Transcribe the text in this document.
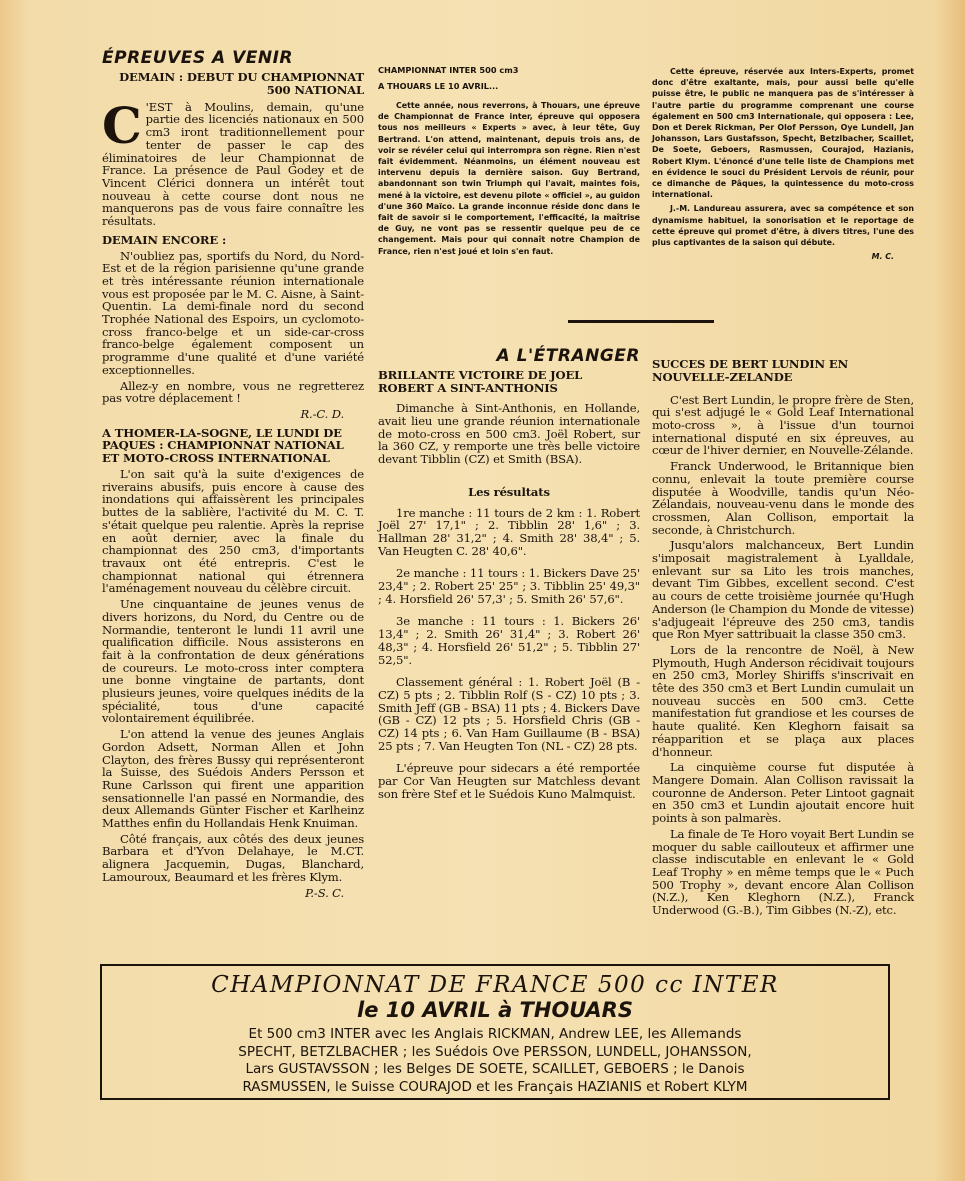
ÉPREUVES A VENIR
DEMAIN : DEBUT DU CHAMPIONNAT 500 NATIONAL

C 'EST à Moulins, demain, qu'une partie des licenciés nationaux en 500 cm3 iront traditionnellement pour tenter de passer le cap des éliminatoires de leur Championnat de France. La présence de Paul Godey et de Vincent Clérici donnera un intérêt tout nouveau à cette course dont nous ne manquerons pas de vous faire connaître les résultats.

DEMAIN ENCORE :

N'oubliez pas, sportifs du Nord, du Nord-Est et de la région parisienne qu'une grande et très intéressante réunion internationale vous est proposée par le M. C. Aisne, à Saint-Quentin. La demi-finale nord du second Trophée National des Espoirs, un cyclomoto-cross franco-belge et un side-car-cross franco-belge également composent un programme d'une qualité et d'une variété exceptionnelles.

Allez-y en nombre, vous ne regretterez pas votre déplacement !

R.-C. D.

A THOMER-LA-SOGNE, LE LUNDI DE PAQUES : CHAMPIONNAT NATIONAL ET MOTO-CROSS INTERNATIONAL

L'on sait qu'à la suite d'exigences de riverains abusifs, puis encore à cause des inondations qui affaissèrent les principales buttes de la sablière, l'activité du M. C. T. s'était quelque peu ralentie. Après la reprise en août dernier, avec la finale du championnat des 250 cm3, d'importants travaux ont été entrepris. C'est le championnat national qui étrennera l'aménagement nouveau du célèbre circuit.

Une cinquantaine de jeunes venus de divers horizons, du Nord, du Centre ou de Normandie, tenteront le lundi 11 avril une qualification difficile. Nous assisterons en fait à la confrontation de deux générations de coureurs. Le moto-cross inter comptera une bonne vingtaine de partants, dont plusieurs jeunes, voire quelques inédits de la spécialité, tous d'une capacité volontairement équilibrée.

L'on attend la venue des jeunes Anglais Gordon Adsett, Norman Allen et John Clayton, des frères Bussy qui représenteront la Suisse, des Suédois Anders Persson et Rune Carlsson qui firent une apparition sensationnelle l'an passé en Normandie, des deux Allemands Günter Fischer et Karlheinz Matthes enfin du Hollandais Henk Knuiman.

Côté français, aux côtés des deux jeunes Barbara et d'Yvon Delahaye, le M.CT. alignera Jacquemin, Dugas, Blanchard, Lamouroux, Beaumard et les frères Klym.

P.-S. C.

CHAMPIONNAT INTER 500 cm3
A THOUARS LE 10 AVRIL...

Cette année, nous reverrons, à Thouars, une épreuve de Championnat de France inter, épreuve qui opposera tous nos meilleurs « Experts » avec, à leur tête, Guy Bertrand. L'on attend, maintenant, depuis trois ans, de voir se révéler celui qui interrompra son règne. Rien n'est fait évidemment. Néanmoins, un élément nouveau est intervenu depuis la dernière saison. Guy Bertrand, abandonnant son twin Triumph qui l'avait, maintes fois, mené à la victoire, est devenu pilote « officiel », au guidon d'une 360 Maïco. La grande inconnue réside donc dans le fait de savoir si le comportement, l'efficacité, la maîtrise de Guy, ne vont pas se ressentir quelque peu de ce changement. Mais pour qui connaît notre Champion de France, rien n'est joué et loin s'en faut.

A L'ÉTRANGER
BRILLANTE VICTOIRE DE JOEL ROBERT A SINT-ANTHONIS

Dimanche à Sint-Anthonis, en Hollande, avait lieu une grande réunion internationale de moto-cross en 500 cm3. Joël Robert, sur la 360 CZ, y remporte une très belle victoire devant Tibblin (CZ) et Smith (BSA).

Les résultats

1re manche : 11 tours de 2 km : 1. Robert Joël 27' 17,1" ; 2. Tibblin 28' 1,6" ; 3. Hallman 28' 31,2" ; 4. Smith 28' 38,4" ; 5. Van Heugten C. 28' 40,6".

2e manche : 11 tours : 1. Bickers Dave 25' 23,4" ; 2. Robert 25' 25" ; 3. Tibblin 25' 49,3" ; 4. Horsfield 26' 57,3' ; 5. Smith 26' 57,6".

3e manche : 11 tours : 1. Bickers 26' 13,4" ; 2. Smith 26' 31,4" ; 3. Robert 26' 48,3" ; 4. Horsfield 26' 51,2" ; 5. Tibblin 27' 52,5".

Classement général : 1. Robert Joël (B - CZ) 5 pts ; 2. Tibblin Rolf (S - CZ) 10 pts ; 3. Smith Jeff (GB - BSA) 11 pts ; 4. Bickers Dave (GB - CZ) 12 pts ; 5. Horsfield Chris (GB - CZ) 14 pts ; 6. Van Ham Guillaume (B - BSA) 25 pts ; 7. Van Heugten Ton (NL - CZ) 28 pts.

L'épreuve pour sidecars a été remportée par Cor Van Heugten sur Matchless devant son frère Stef et le Suédois Kuno Malmquist.

Cette épreuve, réservée aux Inters-Experts, promet donc d'être exaltante, mais, pour aussi belle qu'elle puisse être, le public ne manquera pas de s'intéresser à l'autre partie du programme comprenant une course également en 500 cm3 Internationale, qui opposera : Lee, Don et Derek Rickman, Per Olof Persson, Oye Lundell, Jan Johansson, Lars Gustafsson, Specht, Betzlbacher, Scaillet, De Soete, Geboers, Rasmussen, Courajod, Hazianis, Robert Klym. L'énoncé d'une telle liste de Champions met en évidence le souci du Président Lervois de réunir, pour ce dimanche de Pâques, la quintessence du moto-cross international.

J.-M. Landureau assurera, avec sa compétence et son dynamisme habituel, la sonorisation et le reportage de cette épreuve qui promet d'être, à divers titres, l'une des plus captivantes de la saison qui débute.

M. C.

SUCCES DE BERT LUNDIN EN NOUVELLE-ZELANDE

C'est Bert Lundin, le propre frère de Sten, qui s'est adjugé le « Gold Leaf International moto-cross », à l'issue d'un tournoi international disputé en six épreuves, au cœur de l'hiver dernier, en Nouvelle-Zélande.

Franck Underwood, le Britannique bien connu, enlevait la toute première course disputée à Woodville, tandis qu'un Néo-Zélandais, nouveau-venu dans le monde des crossmen, Alan Collison, emportait la seconde, à Christchurch.

Jusqu'alors malchanceux, Bert Lundin s'imposait magistralement à Lyalldale, enlevant sur sa Lito les trois manches, devant Tim Gibbes, excellent second. C'est au cours de cette troisième journée qu'Hugh Anderson (le Champion du Monde de vitesse) s'adjugeait l'épreuve des 250 cm3, tandis que Ron Myer sattribuait la classe 350 cm3.

Lors de la rencontre de Noël, à New Plymouth, Hugh Anderson récidivait toujours en 250 cm3, Morley Shiriffs s'inscrivait en tête des 350 cm3 et Bert Lundin cumulait un nouveau succès en 500 cm3. Cette manifestation fut grandiose et les courses de haute qualité. Ken Kleghorn faisait sa réapparition et se plaça aux places d'honneur.

La cinquième course fut disputée à Mangere Domain. Alan Collison ravissait la couronne de Anderson. Peter Lintoot gagnait en 350 cm3 et Lundin ajoutait encore huit points à son palmarès.

La finale de Te Horo voyait Bert Lundin se moquer du sable caillouteux et affirmer une classe indiscutable en enlevant le « Gold Leaf Trophy » en même temps que le « Puch 500 Trophy », devant encore Alan Collison (N.Z.), Ken Kleghorn (N.Z.), Franck Underwood (G.-B.), Tim Gibbes (N.-Z), etc.

CHAMPIONNAT DE FRANCE 500 cc INTER
le 10 AVRIL à THOUARS
Et 500 cm3 INTER avec les Anglais RICKMAN, Andrew LEE, les Allemands
SPECHT, BETZLBACHER ; les Suédois Ove PERSSON, LUNDELL, JOHANSSON,
Lars GUSTAVSSON ; les Belges DE SOETE, SCAILLET, GEBOERS ; le Danois
RASMUSSEN, le Suisse COURAJOD et les Français HAZIANIS et Robert KLYM
